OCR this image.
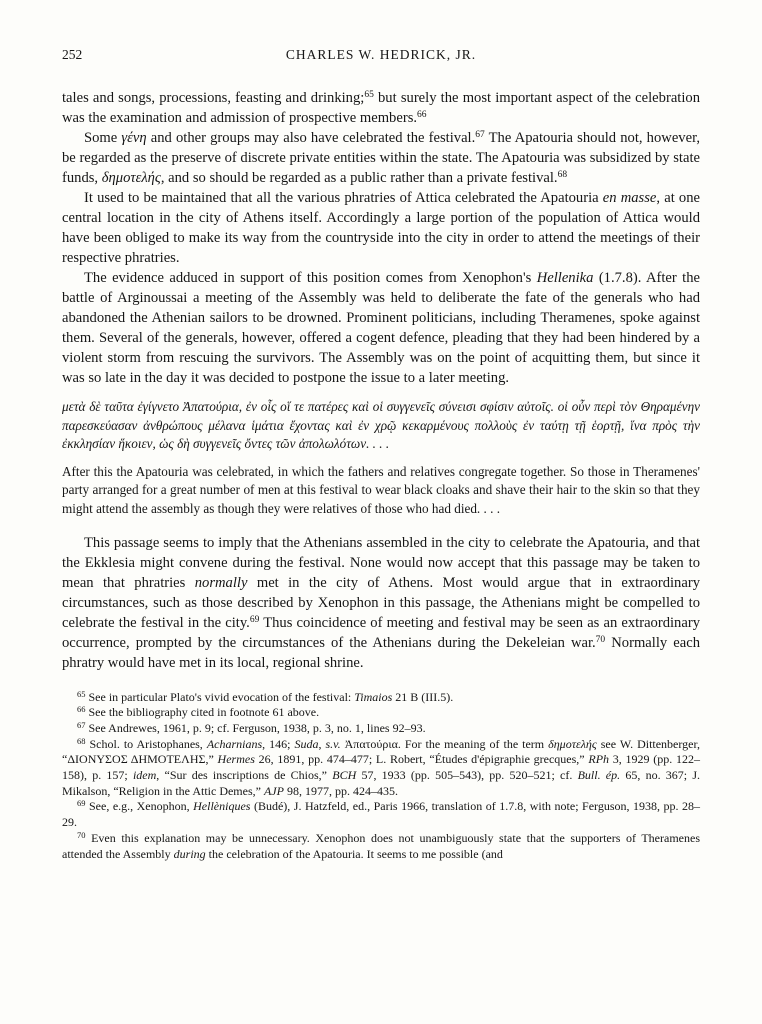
252	CHARLES W. HEDRICK, JR.

tales and songs, processions, feasting and drinking;$^{65}$ but surely the most important aspect of the celebration was the examination and admission of prospective members.$^{66}$

Some γένη and other groups may also have celebrated the festival.$^{67}$ The Apatouria should not, however, be regarded as the preserve of discrete private entities within the state. The Apatouria was subsidized by state funds, δημοτελής, and so should be regarded as a public rather than a private festival.$^{68}$

It used to be maintained that all the various phratries of Attica celebrated the Apatouria en masse, at one central location in the city of Athens itself. Accordingly a large portion of the population of Attica would have been obliged to make its way from the countryside into the city in order to attend the meetings of their respective phratries.

The evidence adduced in support of this position comes from Xenophon's Hellenika (1.7.8). After the battle of Arginoussai a meeting of the Assembly was held to deliberate the fate of the generals who had abandoned the Athenian sailors to be drowned. Prominent politicians, including Theramenes, spoke against them. Several of the generals, however, offered a cogent defence, pleading that they had been hindered by a violent storm from rescuing the survivors. The Assembly was on the point of acquitting them, but since it was so late in the day it was decided to postpone the issue to a later meeting.

μετὰ δὲ ταῦτα ἐγίγνετο Ἀπατούρια, ἐν οἷς οἵ τε πατέρες καὶ οἱ συγγενεῖς σύνεισι σφίσιν αὐτοῖς. οἱ οὖν περὶ τὸν Θηραμένην παρεσκεύασαν ἀνθρώπους μέλανα ἱμάτια ἔχοντας καὶ ἐν χρῷ κεκαρμένους πολλοὺς ἐν ταύτῃ τῇ ἑορτῇ, ἵνα πρὸς τὴν ἐκκλησίαν ἥκοιεν, ὡς δὴ συγγενεῖς ὄντες τῶν ἀπολωλότων. . . .
After this the Apatouria was celebrated, in which the fathers and relatives congregate together. So those in Theramenes' party arranged for a great number of men at this festival to wear black cloaks and shave their hair to the skin so that they might attend the assembly as though they were relatives of those who had died. . . .

This passage seems to imply that the Athenians assembled in the city to celebrate the Apatouria, and that the Ekklesia might convene during the festival. None would now accept that this passage may be taken to mean that phratries normally met in the city of Athens. Most would argue that in extraordinary circumstances, such as those described by Xenophon in this passage, the Athenians might be compelled to celebrate the festival in the city.$^{69}$ Thus coincidence of meeting and festival may be seen as an extraordinary occurrence, prompted by the circumstances of the Athenians during the Dekeleian war.$^{70}$ Normally each phratry would have met in its local, regional shrine.

$^{65}$ See in particular Plato's vivid evocation of the festival: Timaios 21 B (III.5).

$^{66}$ See the bibliography cited in footnote 61 above.

$^{67}$ See Andrewes, 1961, p. 9; cf. Ferguson, 1938, p. 3, no. 1, lines 92–93.

$^{68}$ Schol. to Aristophanes, Acharnians, 146; Suda, s.v. Ἀπατούρια. For the meaning of the term δημοτελής see W. Dittenberger, “ΔΙΟΝΥΣΟΣ ΔΗΜΟΤΕΛΗΣ,” Hermes 26, 1891, pp. 474–477; L. Robert, “Études d'épigraphie grecques,” RPh 3, 1929 (pp. 122–158), p. 157; idem, “Sur des inscriptions de Chios,” BCH 57, 1933 (pp. 505–543), pp. 520–521; cf. Bull. ép. 65, no. 367; J. Mikalson, “Religion in the Attic Demes,” AJP 98, 1977, pp. 424–435.

$^{69}$ See, e.g., Xenophon, Hellèniques (Budé), J. Hatzfeld, ed., Paris 1966, translation of 1.7.8, with note; Ferguson, 1938, pp. 28–29.

$^{70}$ Even this explanation may be unnecessary. Xenophon does not unambiguously state that the supporters of Theramenes attended the Assembly during the celebration of the Apatouria. It seems to me possible (and
